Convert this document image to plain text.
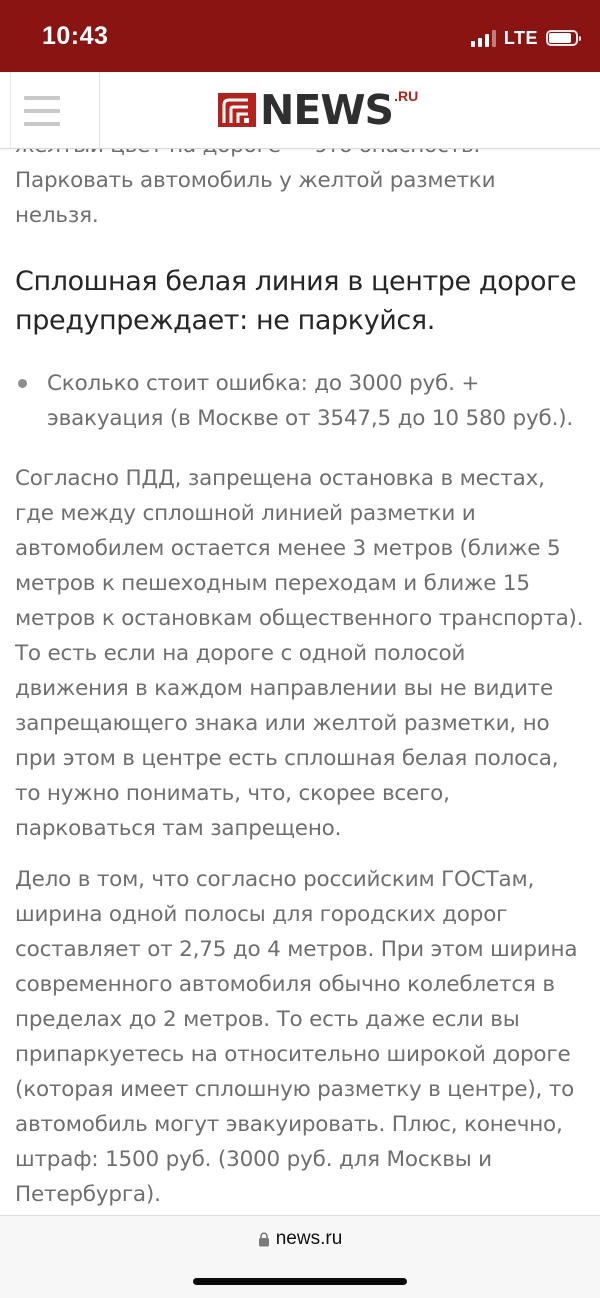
Парковать автомобиль у желтой разметки нельзя.

Сплошная белая линия в центре дороге предупреждает: не паркуйся.
Сколько стоит ошибка: до 3000 руб. + эвакуация (в Москве от 3547,5 до 10 580 руб.).

Согласно ПДД, запрещена остановка в местах, где между сплошной линией разметки и автомобилем остается менее 3 метров (ближе 5 метров к пешеходным переходам и ближе 15 метров к остановкам общественного транспорта). То есть если на дороге с одной полосой движения в каждом направлении вы не видите запрещающего знака или желтой разметки, но при этом в центре есть сплошная белая полоса, то нужно понимать, что, скорее всего, парковаться там запрещено.

Дело в том, что согласно российским ГОСТам, ширина одной полосы для городских дорог составляет от 2,75 до 4 метров. При этом ширина современного автомобиля обычно колеблется в пределах до 2 метров. То есть даже если вы припаркуетесь на относительно широкой дороге (которая имеет сплошную разметку в центре), то автомобиль могут эвакуировать. Плюс, конечно, штраф: 1500 руб. (3000 руб. для Москвы и Петербурга).

10:43	LTE
NEWS .RU
news.ru
